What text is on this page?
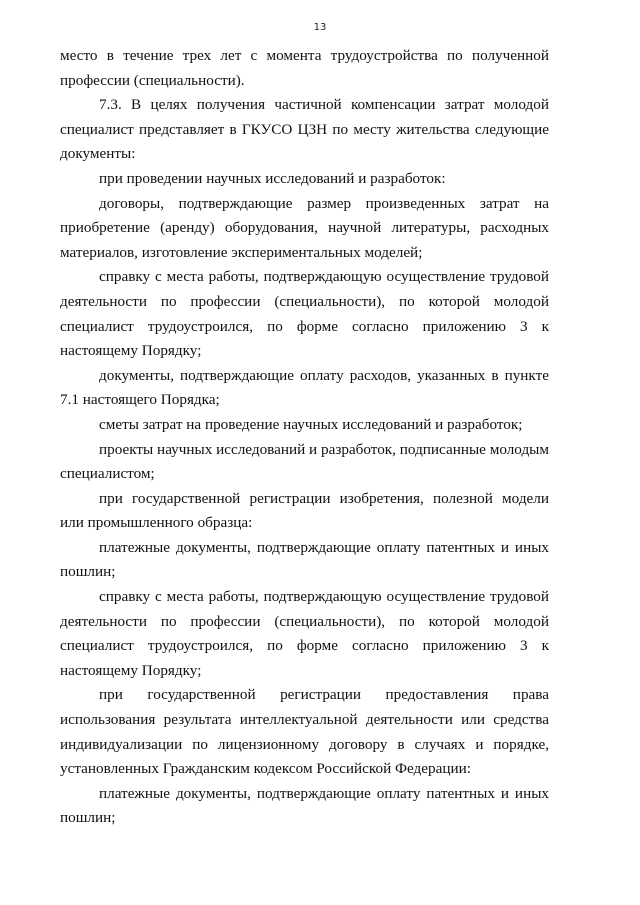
13

место в течение трех лет с момента трудоустройства по полученной профессии (специальности).

7.3. В целях получения частичной компенсации затрат молодой специалист представляет в ГКУСО ЦЗН по месту жительства следующие документы:

при проведении научных исследований и разработок:

договоры, подтверждающие размер произведенных затрат на приобретение (аренду) оборудования, научной литературы, расходных материалов, изготовление экспериментальных моделей;

справку с места работы, подтверждающую осуществление трудовой деятельности по профессии (специальности), по которой молодой специалист трудоустроился, по форме согласно приложению 3 к настоящему Порядку;

документы, подтверждающие оплату расходов, указанных в пункте 7.1 настоящего Порядка;

сметы затрат на проведение научных исследований и разработок;

проекты научных исследований и разработок, подписанные молодым специалистом;

при государственной регистрации изобретения, полезной модели или промышленного образца:

платежные документы, подтверждающие оплату патентных и иных пошлин;

справку с места работы, подтверждающую осуществление трудовой деятельности по профессии (специальности), по которой молодой специалист трудоустроился, по форме согласно приложению 3 к настоящему Порядку;

при государственной регистрации предоставления права использования результата интеллектуальной деятельности или средства индивидуализации по лицензионному договору в случаях и порядке, установленных Гражданским кодексом Российской Федерации:

платежные документы, подтверждающие оплату патентных и иных пошлин;
